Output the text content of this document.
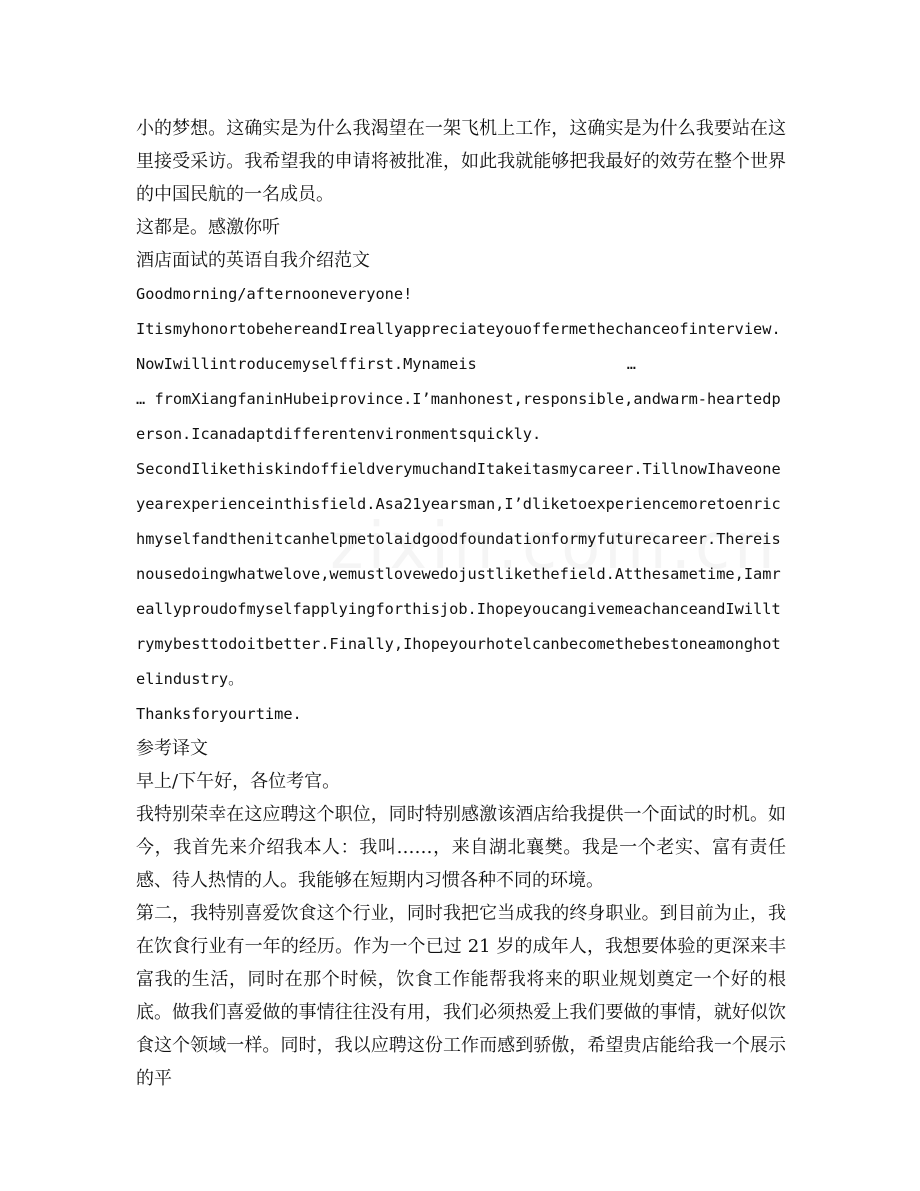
小的梦想。这确实是为什么我渴望在一架飞机上工作，这确实是为什么我要站在这里接受采访。我希望我的申请将被批准，如此我就能够把我最好的效劳在整个世界的中国民航的一名成员。

这都是。感激你听

酒店面试的英语自我介绍范文

Goodmorning/afternooneveryone!

ItismyhonortobehereandIreallyappreciateyouoffermethechanceofinterview.NowIwillintroducemyselffirst.Mynameis	…… fromXiangfaninHubeiprovince.I’manhonest,responsible,andwarm-heartedperson.Icanadaptdifferentenvironmentsquickly.

SecondIlikethiskindoffieldverymuchandItakeitasmycareer.TillnowIhaveoneyearexperienceinthisfield.Asa21yearsman,I’dliketoexperiencemoretoenrichmyselfandthenitcanhelpmetolaidgoodfoundationformyfuturecareer.Thereisnousedoingwhatwelove,wemustlovewedojustlikethefield.Atthesametime,Iamreallyproudofmyselfapplyingforthisjob.IhopeyoucangivemeachanceandIwilltrymybesttodoitbetter.Finally,Ihopeyourhotelcanbecomethebestoneamonghotelindustry。

Thanksforyourtime.

参考译文

早上/下午好，各位考官。

我特别荣幸在这应聘这个职位，同时特别感激该酒店给我提供一个面试的时机。如今，我首先来介绍我本人：我叫……，来自湖北襄樊。我是一个老实、富有责任感、待人热情的人。我能够在短期内习惯各种不同的环境。

第二，我特别喜爱饮食这个行业，同时我把它当成我的终身职业。到目前为止，我在饮食行业有一年的经历。作为一个已过 21 岁的成年人，我想要体验的更深来丰富我的生活，同时在那个时候，饮食工作能帮我将来的职业规划奠定一个好的根底。做我们喜爱做的事情往往没有用，我们必须热爱上我们要做的事情，就好似饮食这个领域一样。同时，我以应聘这份工作而感到骄傲，希望贵店能给我一个展示的平
